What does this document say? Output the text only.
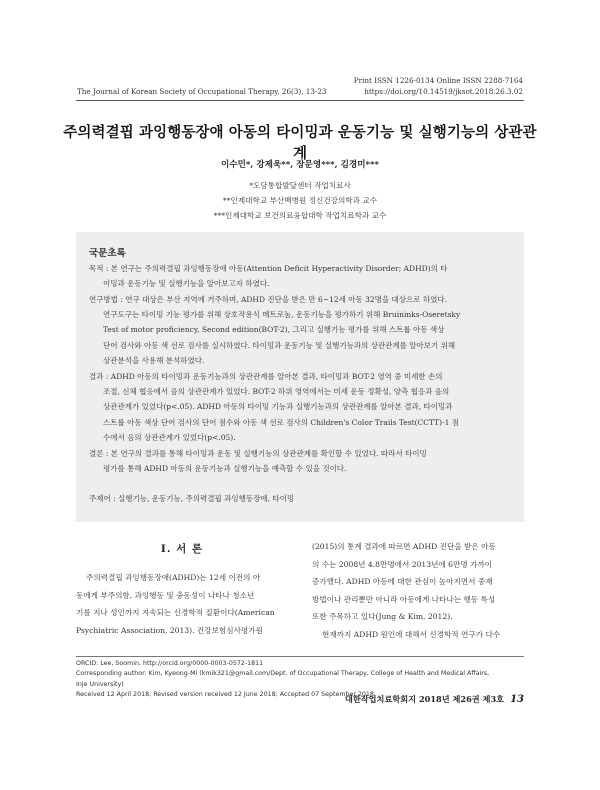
The Journal of Korean Society of Occupational Therapy, 26(3), 13-23
Print ISSN 1226-0134 Online ISSN 2288-7164
https://doi.org/10.14519/jksot.2018.26.3.02
주의력결핍 과잉행동장애 아동의 타이밍과 운동기능 및 실행기능의 상관관계
이수민*, 강제욱**, 장문영***, 김경미***
*도담통합발달센터 작업치료사
**인제대학교 부산백병원 정신건강의학과 교수
***인제대학교 보건의료융합대학 작업치료학과 교수
국문초록
목적 : 본 연구는 주의력결핍 과잉행동장애 아동(Attention Deficit Hyperactivity Disorder; ADHD)의 타
이밍과 운동기능 및 실행기능을 알아보고자 하였다.
연구방법 : 연구 대상은 부산 지역에 거주하며, ADHD 진단을 받은 만 6~12세 아동 32명을 대상으로 하였다.
연구도구는 타이밍 기능 평가를 위해 상호작용식 메트로놈, 운동기능을 평가하기 위해 Bruininks-Oseretsky
Test of motor proficiency, Second edition(BOT-2), 그리고 실행기능 평가를 위해 스트룹 아동 색상
단어 검사와 아동 색 선로 검사를 실시하였다. 타이밍과 운동기능 및 실행기능과의 상관관계를 알아보기 위해
상관분석을 사용해 분석하였다.
결과 : ADHD 아동의 타이밍과 운동기능과의 상관관계를 알아본 결과, 타이밍과 BOT-2 영역 중 미세한 손의
조절, 신체 협응에서 음의 상관관계가 있었다. BOT-2 하위 영역에서는 미세 운동 정확성, 양측 협응과 음의
상관관계가 있었다(p<.05). ADHD 아동의 타이밍 기능과 실행기능과의 상관관계를 알아본 결과, 타이밍과
스트룹 아동 색상 단어 검사의 단어 점수와 아동 색 선로 검사의 Children's Color Trails Test(CCTT)-1 점
수에서 음의 상관관계가 있었다(p<.05).
결론 : 본 연구의 결과를 통해 타이밍과 운동 및 실행기능의 상관관계를 확인할 수 있었다. 따라서 타이밍
평가를 통해 ADHD 아동의 운동기능과 실행기능을 예측할 수 있을 것이다.
주제어 : 실행기능, 운동기능, 주의력결핍 과잉행동장애, 타이밍
Ⅰ. 서 론

주의력결핍 과잉행동장애(ADHD)는 12세 이전의 아

동에게 부주의함, 과잉행동 및 충동성이 나타나 청소년

기를 지나 성인까지 지속되는 신경학적 질환이다(American

Psychiatric Association, 2013). 건강보험심사평가원

(2015)의 통계 결과에 따르면 ADHD 진단을 받은 아동

의 수는 2008년 4.8만명에서 2013년에 6만명 가까이

증가했다. ADHD 아동에 대한 관심이 높아지면서 중재

방법이나 관리뿐만 아니라 아동에게 나타나는 행동 특성

또한 주목하고 있다(Jung & Kim, 2012).

현재까지 ADHD 원인에 대해서 신경학적 연구가 다수

ORCID: Lee, Soomin, http://orcid.org/0000-0003-0572-1811

Corresponding author: Kim, Kyeong-Mi (kmik321@gmail.com/Dept. of Occupational Therapy, College of Health and Medical Affairs,

Inje University)

Received 12 April 2018; Revised version received 12 June 2018; Accepted 07 September 2018

대한작업치료학회지 2018년 제26권 제3호 13
